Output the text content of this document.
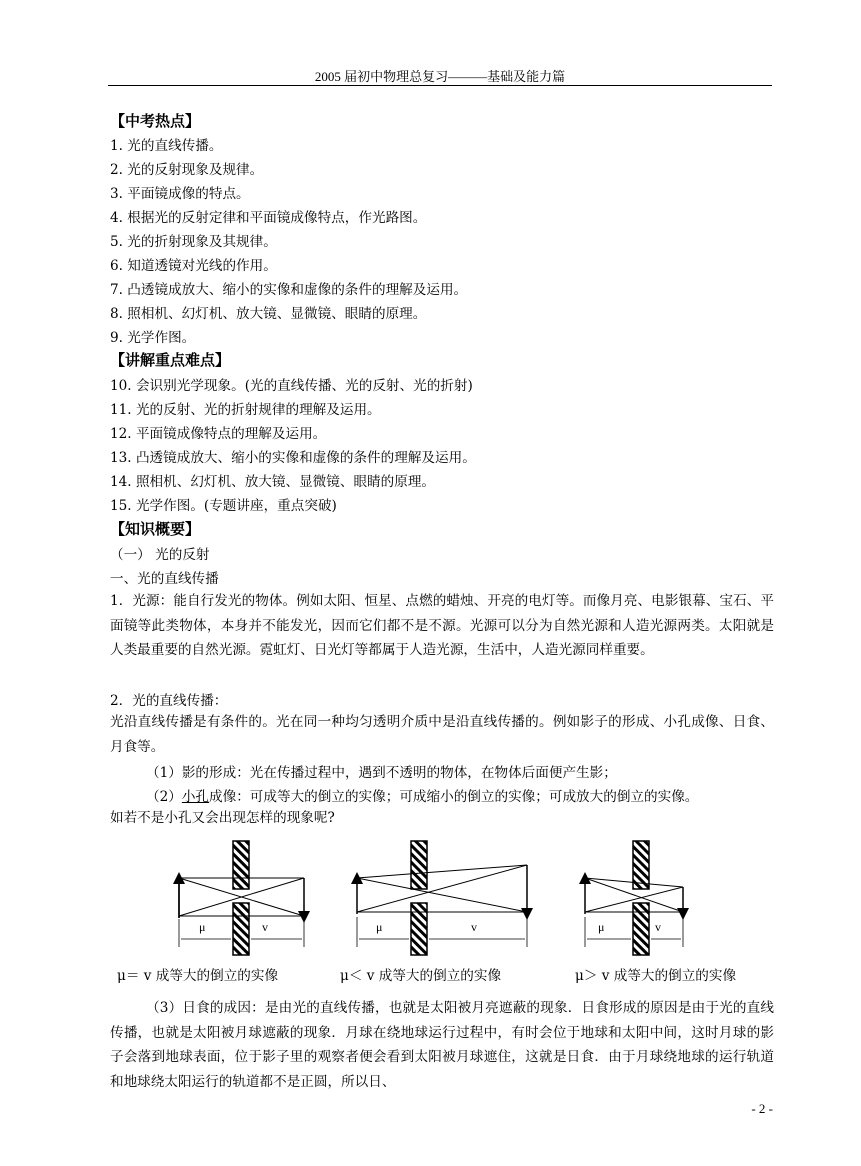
2005 届初中物理总复习———基础及能力篇
【中考热点】
1. 光的直线传播。
2. 光的反射现象及规律。
3. 平面镜成像的特点。
4. 根据光的反射定律和平面镜成像特点，作光路图。
5. 光的折射现象及其规律。
6. 知道透镜对光线的作用。
7. 凸透镜成放大、缩小的实像和虚像的条件的理解及运用。
8. 照相机、幻灯机、放大镜、显微镜、眼睛的原理。
9. 光学作图。
【讲解重点难点】
10. 会识别光学现象。(光的直线传播、光的反射、光的折射)
11. 光的反射、光的折射规律的理解及运用。
12. 平面镜成像特点的理解及运用。
13. 凸透镜成放大、缩小的实像和虚像的条件的理解及运用。
14. 照相机、幻灯机、放大镜、显微镜、眼睛的原理。
15. 光学作图。(专题讲座，重点突破)
【知识概要】
（一） 光的反射
一、光的直线传播
1．光源：能自行发光的物体。例如太阳、恒星、点燃的蜡烛、开亮的电灯等。而像月亮、电影银幕、宝石、平面镜等此类物体，本身并不能发光，因而它们都不是不源。光源可以分为自然光源和人造光源两类。太阳就是人类最重要的自然光源。霓虹灯、日光灯等都属于人造光源，生活中，人造光源同样重要。
2．光的直线传播：
光沿直线传播是有条件的。光在同一种均匀透明介质中是沿直线传播的。例如影子的形成、小孔成像、日食、月食等。
（1）影的形成：光在传播过程中，遇到不透明的物体，在物体后面便产生影；
（2）小孔成像：可成等大的倒立的实像；可成缩小的倒立的实像；可成放大的倒立的实像。
如若不是小孔又会出现怎样的现象呢?
μ	v	μ	v	μ	v
μ＝ v 成等大的倒立的实像	μ＜ v 成等大的倒立的实像	μ＞ v 成等大的倒立的实像
（3）日食的成因：是由光的直线传播，也就是太阳被月亮遮蔽的现象．日食形成的原因是由于光的直线传播，也就是太阳被月球遮蔽的现象．月球在绕地球运行过程中，有时会位于地球和太阳中间，这时月球的影子会落到地球表面，位于影子里的观察者便会看到太阳被月球遮住，这就是日食．由于月球绕地球的运行轨道和地球绕太阳运行的轨道都不是正圆，所以日、
- 2 -
